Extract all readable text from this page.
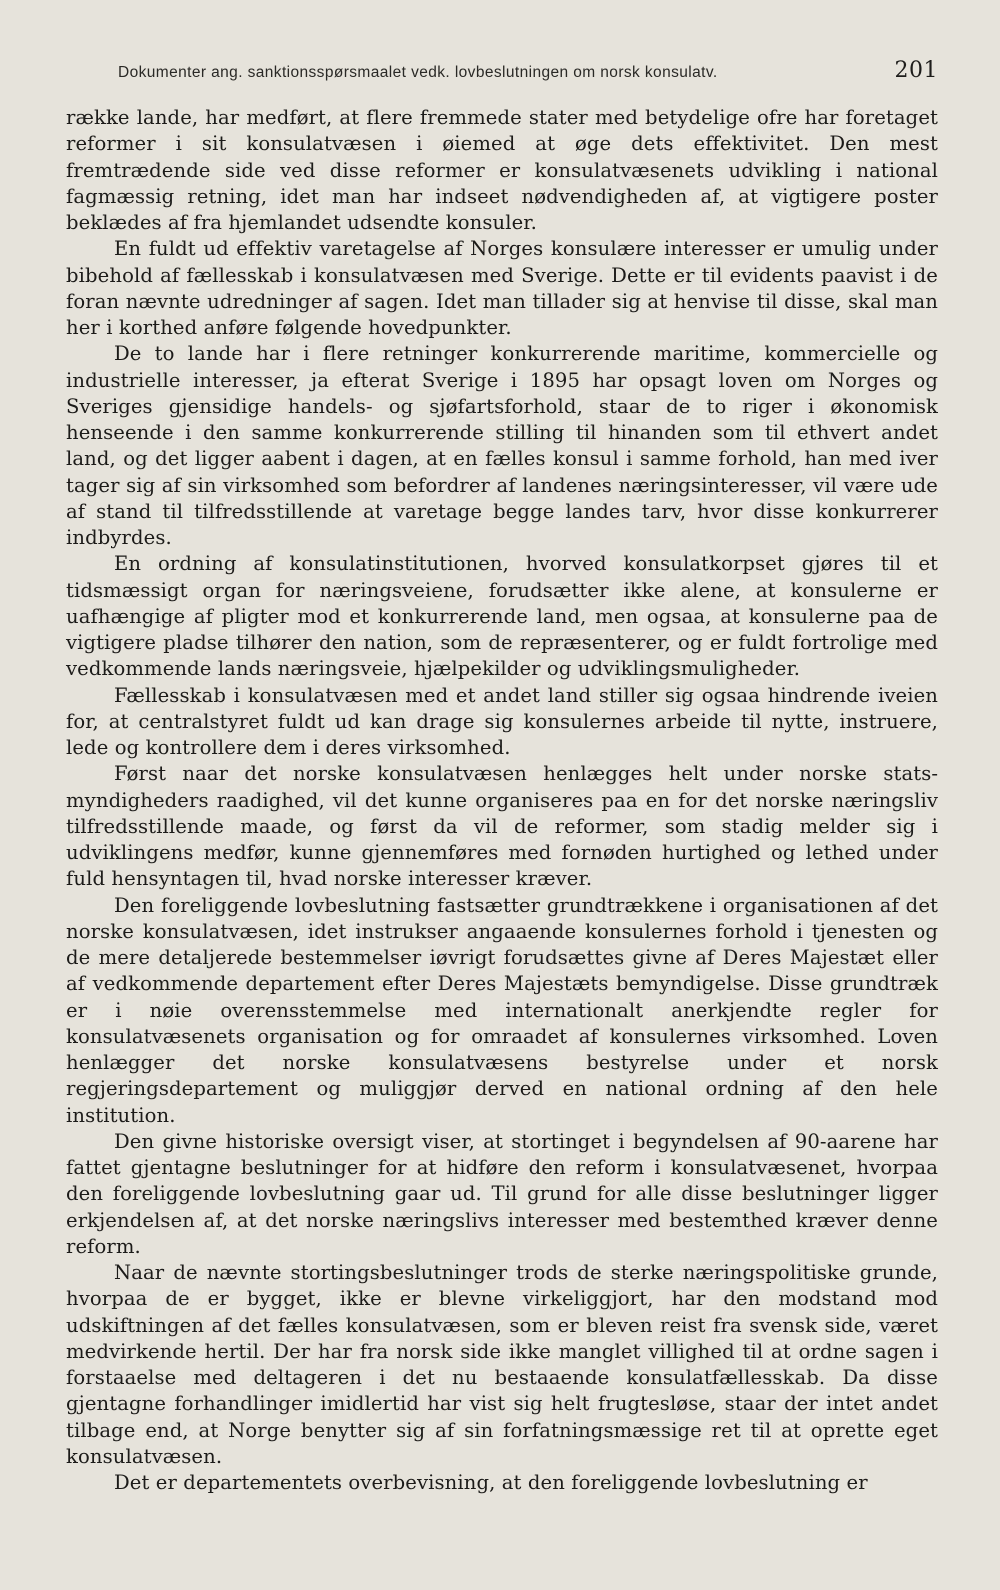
Dokumenter ang. sanktionsspørsmaalet vedk. lovbeslutningen om norsk konsulatv.	201

række lande, har medført, at flere fremmede stater med betydelige ofre har foretaget reformer i sit konsulatvæsen i øiemed at øge dets effektivitet. Den mest fremtrædende side ved disse reformer er konsulatvæsenets udvikling i national fagmæssig retning, idet man har indseet nødvendigheden af, at vigtigere poster beklædes af fra hjemlandet udsendte konsuler.

En fuldt ud effektiv varetagelse af Norges konsulære interesser er umulig under bibehold af fællesskab i konsulatvæsen med Sverige. Dette er til evidents paavist i de foran nævnte udredninger af sagen. Idet man tillader sig at henvise til disse, skal man her i korthed anføre følgende hovedpunkter.

De to lande har i flere retninger konkurrerende maritime, kommercielle og industrielle interesser, ja efterat Sverige i 1895 har opsagt loven om Norges og Sveriges gjensidige handels- og sjøfartsforhold, staar de to riger i økonomisk henseende i den samme konkurrerende stilling til hinanden som til ethvert andet land, og det ligger aabent i dagen, at en fælles konsul i samme forhold, han med iver tager sig af sin virksomhed som befordrer af landenes næringsinteresser, vil være ude af stand til tilfredsstillende at varetage begge landes tarv, hvor disse konkurrerer indbyrdes.

En ordning af konsulatinstitutionen, hvorved konsulatkorpset gjøres til et tidsmæssigt organ for næringsveiene, forudsætter ikke alene, at konsulerne er uafhængige af pligter mod et konkurrerende land, men ogsaa, at konsulerne paa de vigtigere pladse tilhører den nation, som de repræsenterer, og er fuldt fortrolige med vedkommende lands næringsveie, hjælpekilder og udviklingsmuligheder.

Fællesskab i konsulatvæsen med et andet land stiller sig ogsaa hindrende iveien for, at centralstyret fuldt ud kan drage sig konsulernes arbeide til nytte, instruere, lede og kontrollere dem i deres virksomhed.

Først naar det norske konsulatvæsen henlægges helt under norske statsmyndigheders raadighed, vil det kunne organiseres paa en for det norske næringsliv tilfredsstillende maade, og først da vil de reformer, som stadig melder sig i udviklingens medfør, kunne gjennemføres med fornøden hurtighed og lethed under fuld hensyntagen til, hvad norske interesser kræver.

Den foreliggende lovbeslutning fastsætter grundtrækkene i organisationen af det norske konsulatvæsen, idet instrukser angaaende konsulernes forhold i tjenesten og de mere detaljerede bestemmelser iøvrigt forudsættes givne af Deres Majestæt eller af vedkommende departement efter Deres Majestæts bemyndigelse. Disse grundtræk er i nøie overensstemmelse med internationalt anerkjendte regler for konsulatvæsenets organisation og for omraadet af konsulernes virksomhed. Loven henlægger det norske konsulatvæsens bestyrelse under et norsk regjeringsdepartement og muliggjør derved en national ordning af den hele institution.

Den givne historiske oversigt viser, at stortinget i begyndelsen af 90-aarene har fattet gjentagne beslutninger for at hidføre den reform i konsulatvæsenet, hvorpaa den foreliggende lovbeslutning gaar ud. Til grund for alle disse beslutninger ligger erkjendelsen af, at det norske næringslivs interesser med bestemthed kræver denne reform.

Naar de nævnte stortingsbeslutninger trods de sterke næringspolitiske grunde, hvorpaa de er bygget, ikke er blevne virkeliggjort, har den modstand mod udskiftningen af det fælles konsulatvæsen, som er bleven reist fra svensk side, været medvirkende hertil. Der har fra norsk side ikke manglet villighed til at ordne sagen i forstaaelse med deltageren i det nu bestaaende konsulatfællesskab. Da disse gjentagne forhandlinger imidlertid har vist sig helt frugtesløse, staar der intet andet tilbage end, at Norge benytter sig af sin forfatningsmæssige ret til at oprette eget konsulatvæsen.

Det er departementets overbevisning, at den foreliggende lovbeslutning er
